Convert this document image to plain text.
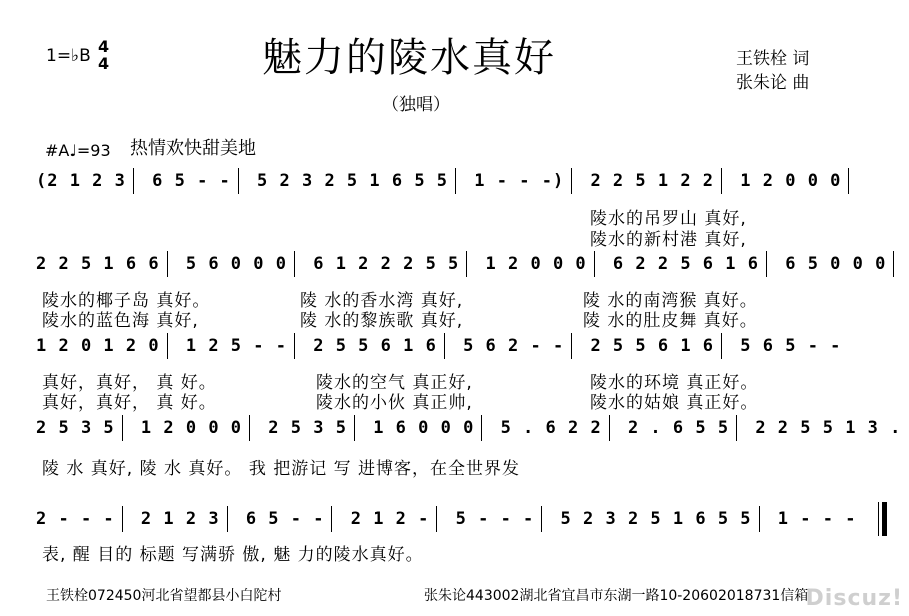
1=♭B 4
4	魅力的陵水真好
（独唱）
王铁栓 词
张朱论 曲
#A♩=93 热情欢快甜美地
(2 1 2 3 6 5 - - 5 2 3 2 5 1 6 5 5 1 - - -) 2 2 5 1 2 2 1 2 0 0 0
陵水的吊罗山 真好,
陵水的新村港 真好,
2 2 5 1 6 6 5 6 0 0 0 6 1 2 2 2 5 5 1 2 0 0 0 6 2 2 5 6 1 6 6 5 0 0 0
陵水的椰子岛 真好。	陵 水的香水湾 真好,	陵 水的南湾猴 真好。
陵水的蓝色海 真好,	陵 水的黎族歌 真好,	陵 水的肚皮舞 真好。
1 2 0 1 2 0 1 2 5 - - 2 5 5 6 1 6 5 6 2 - - 2 5 5 6 1 6 5 6 5 - -
真好，真好， 真 好。	陵水的空气 真正好,	陵水的环境 真正好。
真好，真好， 真 好。	陵水的小伙 真正帅,	陵水的姑娘 真正好。
2 5 3 5 1 2 0 0 0 2 5 3 5 1 6 0 0 0 5 . 6 2 2 2 . 6 5 5 2 2 5 5 1 3 .
陵 水 真好, 陵 水 真好。 我 把游记 写 进博客，在全世界发
2 - - - 2 1 2 3 6 5 - - 2 1 2 - 5 - - - 5 2 3 2 5 1 6 5 5 1 - - -
表, 醒 目的 标题 写满骄 傲, 魅 力的陵水真好。
王铁栓072450河北省望都县小白陀村	张朱论443002湖北省宜昌市东湖一路10-20602018731信箱
Discuz!
